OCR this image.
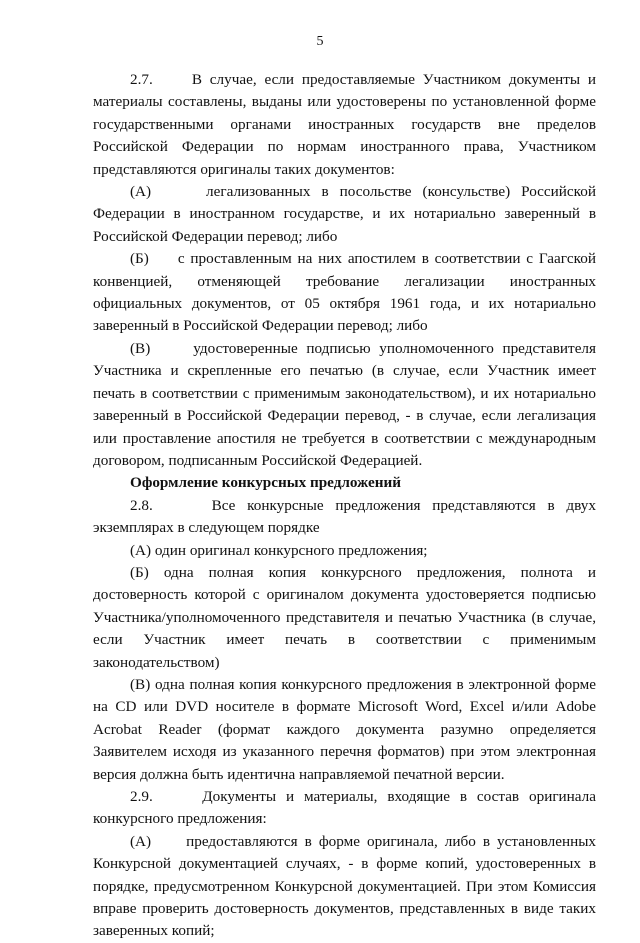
5

2.7.     В случае, если предоставляемые Участником документы и материалы составлены, выданы или удостоверены по установленной форме государственными органами иностранных государств вне пределов Российской Федерации по нормам иностранного права, Участником представляются оригиналы таких документов:

(А)     легализованных в посольстве (консульстве) Российской Федерации в иностранном государстве, и их нотариально заверенный в Российской Федерации перевод; либо

(Б)     с проставленным на них апостилем в соответствии с Гаагской конвенцией, отменяющей требование легализации иностранных официальных документов, от 05 октября 1961 года, и их нотариально заверенный в Российской Федерации перевод; либо

(В)     удостоверенные подписью уполномоченного представителя Участника и скрепленные его печатью (в случае, если Участник имеет печать в соответствии с применимым законодательством), и их нотариально заверенный в Российской Федерации перевод, - в случае, если легализация или проставление апостиля не требуется в соответствии с международным договором, подписанным Российской Федерацией.

Оформление конкурсных предложений

2.8.     Все конкурсные предложения представляются в двух экземплярах в следующем порядке

(А) один оригинал конкурсного предложения;

(Б) одна полная копия конкурсного предложения, полнота и достоверность которой с оригиналом документа удостоверяется подписью Участника/уполномоченного представителя и печатью Участника (в случае, если Участник имеет печать в соответствии с применимым законодательством)

(В) одна полная копия конкурсного предложения в электронной форме на CD или DVD носителе в формате Microsoft Word, Excel и/или Adobe Acrobat Reader (формат каждого документа разумно определяется Заявителем исходя из указанного перечня форматов) при этом электронная версия должна быть идентична направляемой печатной версии.

2.9.     Документы и материалы, входящие в состав оригинала конкурсного предложения:

(А)     предоставляются в форме оригинала, либо в установленных Конкурсной документацией случаях, - в форме копий, удостоверенных в порядке, предусмотренном Конкурсной документацией. При этом Комиссия вправе проверить достоверность документов, представленных в виде таких заверенных копий;
